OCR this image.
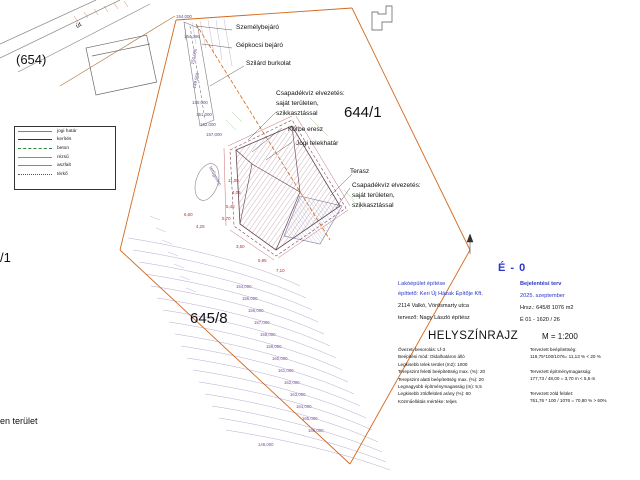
(654)
út
644/1
645/8
/1
en terület
Személybejáró
Gépkocsi bejáró
Szilárd burkolat
Csapadékvíz elvezetés:
saját területen,
szikkasztással
Körbe eresz
Jogi telekhatár
Terasz
Csapadékvíz elvezetés:
saját területen,
szikkasztással
tetőgerinc
154,000
154,396
150,000
149,568
150,000
151,000
152,000
157,000
11,00
4,05
5,40
5,70
6,60
4,25
3,50
5,95
7,10
154,000
155,000
156,000
157,000
158,000
159,000
160,000
161,000
162,000
163,000
164,000
165,000
166,000
149,000
jogi határ
kerítés
beton
rézsű
aszfalt
térkő
É - 0
Lakóépület építése
építtető: Keri Új Házak Építője Kft.
2114 Valkó, Vörösmarty utca
tervező: Nagy László építész
Bejelentési terv
2025. szeptember
Hrsz.: 645/8 1076 m2
É 01 - 1620 / 26
HELYSZÍNRAJZ	M = 1:200
Övezeti besorolás: Lf-3
Beépítési mód: Oldalhatáron álló
Legkisebb telek terület (m2): 1000
Terepszint feletti beépítettség max. (%): 20
Terepszint alatti beépítettség max. (%): 20
Legnagyobb építménymagasság (m): 5,5
Legkisebb zöldfelületi arány (%): 60
Közműellátás mértéke: teljes
Tervezett beépítettség:
119,75*100/1076= 11,13 % < 20 %
Tervezett építménymagasság:
177,73 / 48,00 = 3,70 m < 5,5 m
Tervezett zöld felület:
761,76 * 100 / 1076 = 70,80 % > 60%
